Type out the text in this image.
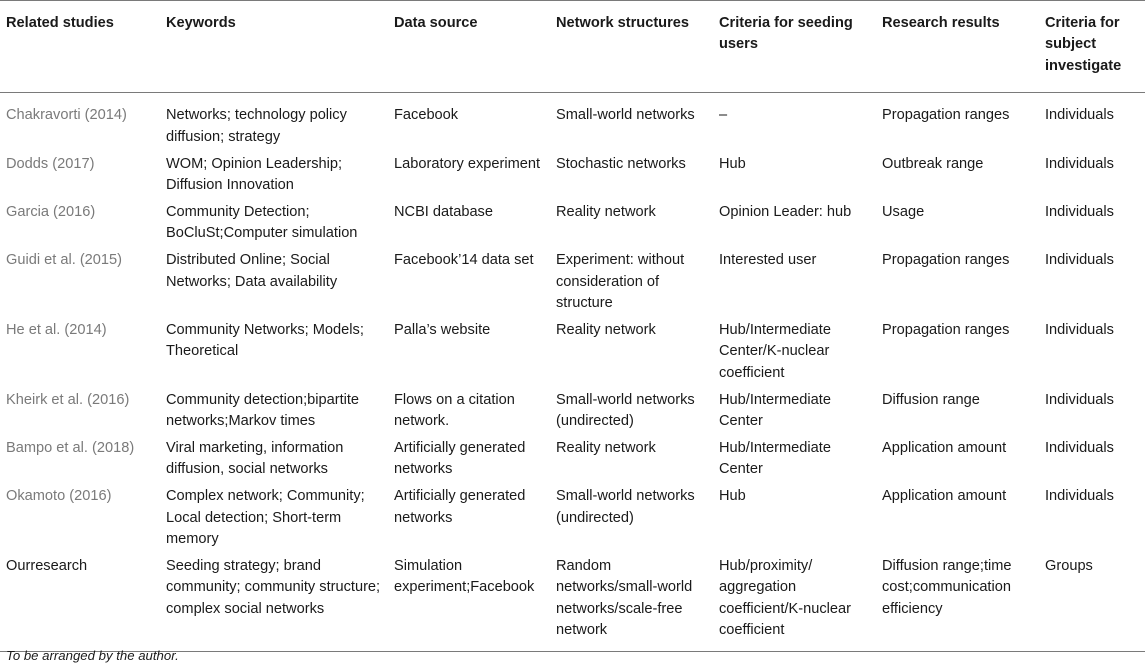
Related studies	Keywords	Data source	Network structures	Criteria for seeding users	Research results	Criteria for subject investigate
Chakravorti (2014)	Networks; technology policy diffusion; strategy	Facebook	Small-world networks	–	Propagation ranges	Individuals
Dodds (2017)	WOM; Opinion Leadership; Diffusion Innovation	Laboratory experiment	Stochastic networks	Hub	Outbreak range	Individuals
Garcia (2016)	Community Detection; BoCluSt;Computer simulation	NCBI database	Reality network	Opinion Leader: hub	Usage	Individuals
Guidi et al. (2015)	Distributed Online; Social Networks; Data availability	Facebook’14 data set	Experiment: without consideration of structure	Interested user	Propagation ranges	Individuals
He et al. (2014)	Community Networks; Models; Theoretical	Palla’s website	Reality network	Hub/Intermediate Center/K-nuclear coefficient	Propagation ranges	Individuals
Kheirk et al. (2016)	Community detection;bipartite networks;Markov times	Flows on a citation network.	Small-world networks (undirected)	Hub/Intermediate Center	Diffusion range	Individuals
Bampo et al. (2018)	Viral marketing, information diffusion, social networks	Artificially generated networks	Reality network	Hub/Intermediate Center	Application amount	Individuals
Okamoto (2016)	Complex network; Community; Local detection; Short-term memory	Artificially generated networks	Small-world networks (undirected)	Hub	Application amount	Individuals
Ourresearch	Seeding strategy; brand community; community structure; complex social networks	Simulation experiment;Facebook	Random networks/small-world networks/scale-free network	Hub/proximity/ aggregation coefficient/K-nuclear coefficient	Diffusion range;time cost;communication efficiency	Groups
To be arranged by the author.
